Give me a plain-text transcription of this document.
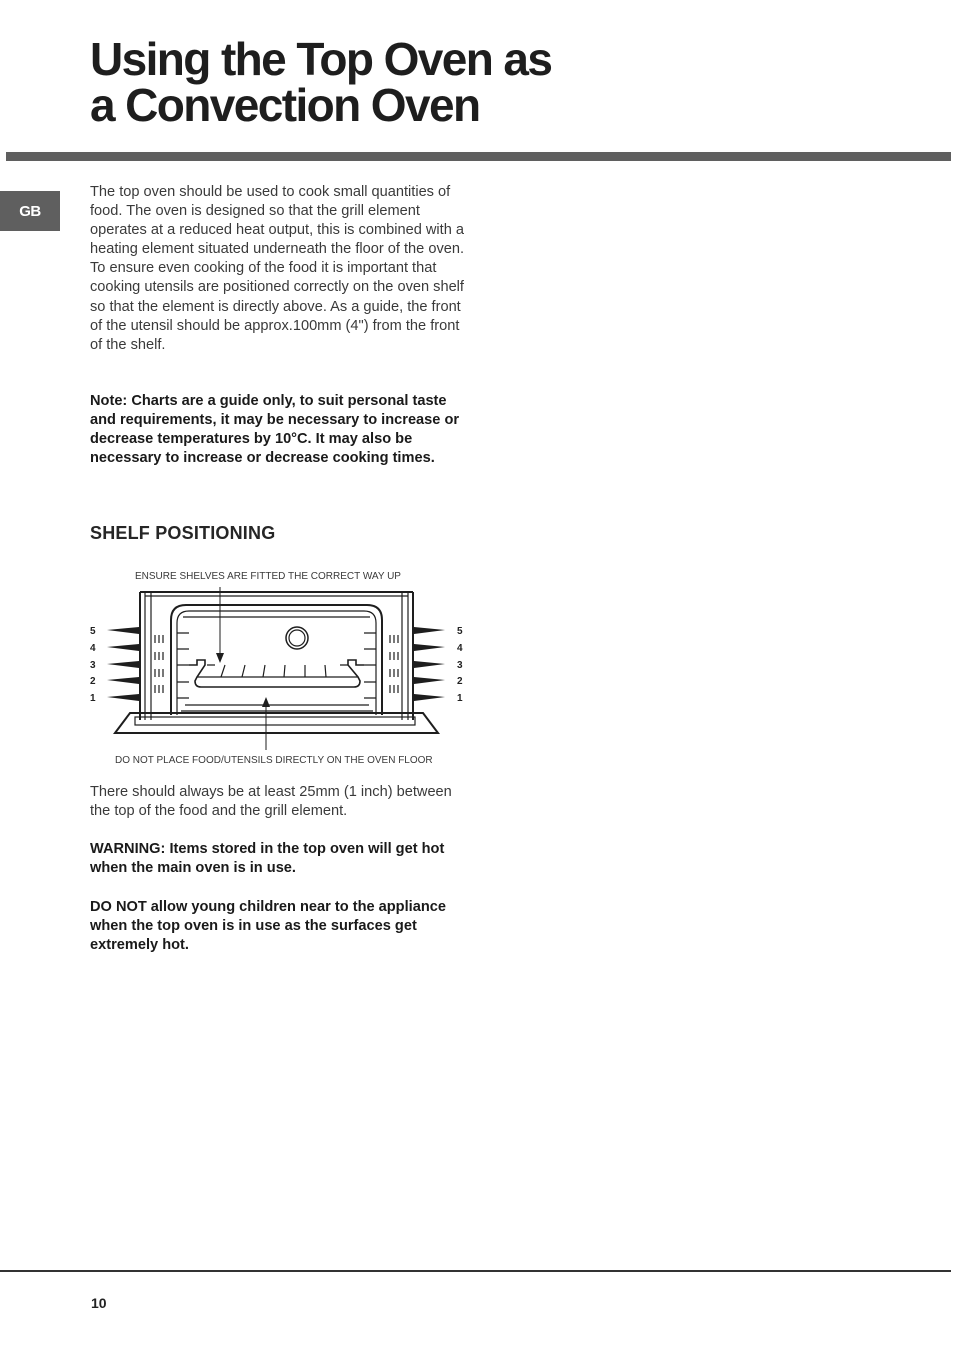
Using the Top Oven as
a Convection Oven
GB

The top oven should be used to cook small quantities of food. The oven is designed so that the grill element operates at a reduced heat output, this is combined with a heating element situated underneath the floor of the oven. To ensure even cooking of the food it is important that cooking utensils are positioned correctly on the oven shelf so that the element is directly above. As a guide, the front of the utensil should be approx.100mm (4") from the front of the shelf.

Note: Charts are a guide only, to suit personal taste and requirements, it may be necessary to increase or decrease temperatures by 10°C. It may also be necessary to increase or decrease cooking times.

SHELF POSITIONING
ENSURE SHELVES ARE FITTED THE CORRECT WAY UP
DO NOT PLACE FOOD/UTENSILS DIRECTLY ON THE OVEN FLOOR
5
4
3
2
1
5
4
3
2
1

There should always be at least 25mm (1 inch) between the top of the food and the grill element.

WARNING: Items stored in the top oven will get hot when the main oven is in use.

DO NOT allow young children near to the appliance when the top oven is in use as the surfaces get extremely hot.

10
